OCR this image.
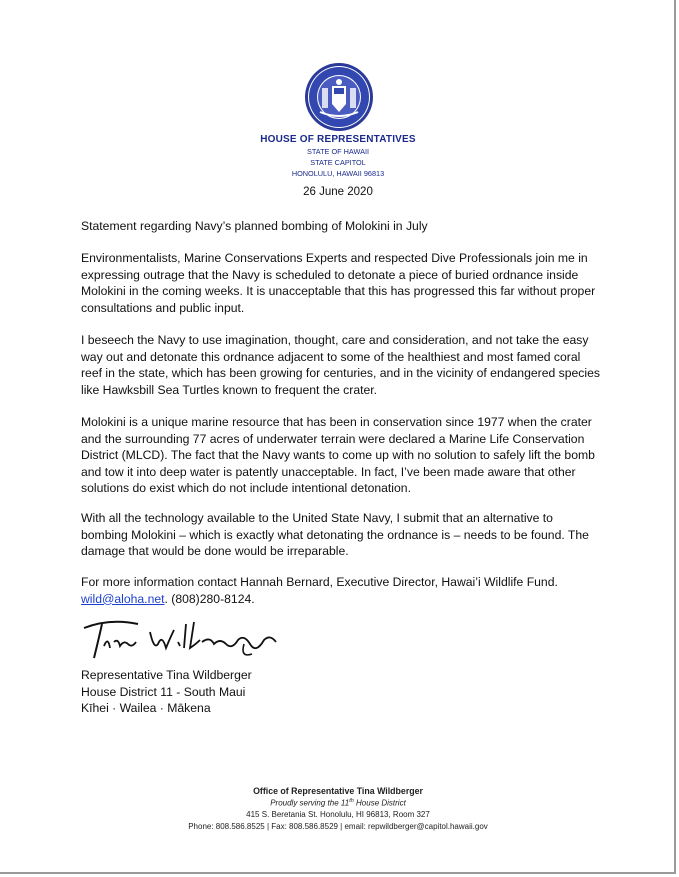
HOUSE OF REPRESENTATIVES
STATE OF HAWAII
STATE CAPITOL
HONOLULU, HAWAII 96813
26 June 2020
Statement regarding Navy’s planned bombing of Molokini in July
Environmentalists, Marine Conservations Experts and respected Dive Professionals join me in expressing outrage that the Navy is scheduled to detonate a piece of buried ordnance inside Molokini in the coming weeks. It is unacceptable that this has progressed this far without proper consultations and public input.
I beseech the Navy to use imagination, thought, care and consideration, and not take the easy way out and detonate this ordnance adjacent to some of the healthiest and most famed coral reef in the state, which has been growing for centuries, and in the vicinity of endangered species like Hawksbill Sea Turtles known to frequent the crater.
Molokini is a unique marine resource that has been in conservation since 1977 when the crater and the surrounding 77 acres of underwater terrain were declared a Marine Life Conservation District (MLCD). The fact that the Navy wants to come up with no solution to safely lift the bomb and tow it into deep water is patently unacceptable. In fact, I’ve been made aware that other solutions do exist which do not include intentional detonation.
With all the technology available to the United State Navy, I submit that an alternative to bombing Molokini – which is exactly what detonating the ordnance is – needs to be found. The damage that would be done would be irreparable.
For more information contact Hannah Bernard, Executive Director, Hawai’i Wildlife Fund.
wild@aloha.net. (808)280-8124.
Representative Tina Wildberger
House District 11 - South Maui
Kīhei · Wailea · Mākena
Office of Representative Tina Wildberger
Proudly serving the 11th House District
415 S. Beretania St. Honolulu, HI 96813, Room 327
Phone: 808.586.8525 | Fax: 808.586.8529 | email: repwildberger@capitol.hawaii.gov
